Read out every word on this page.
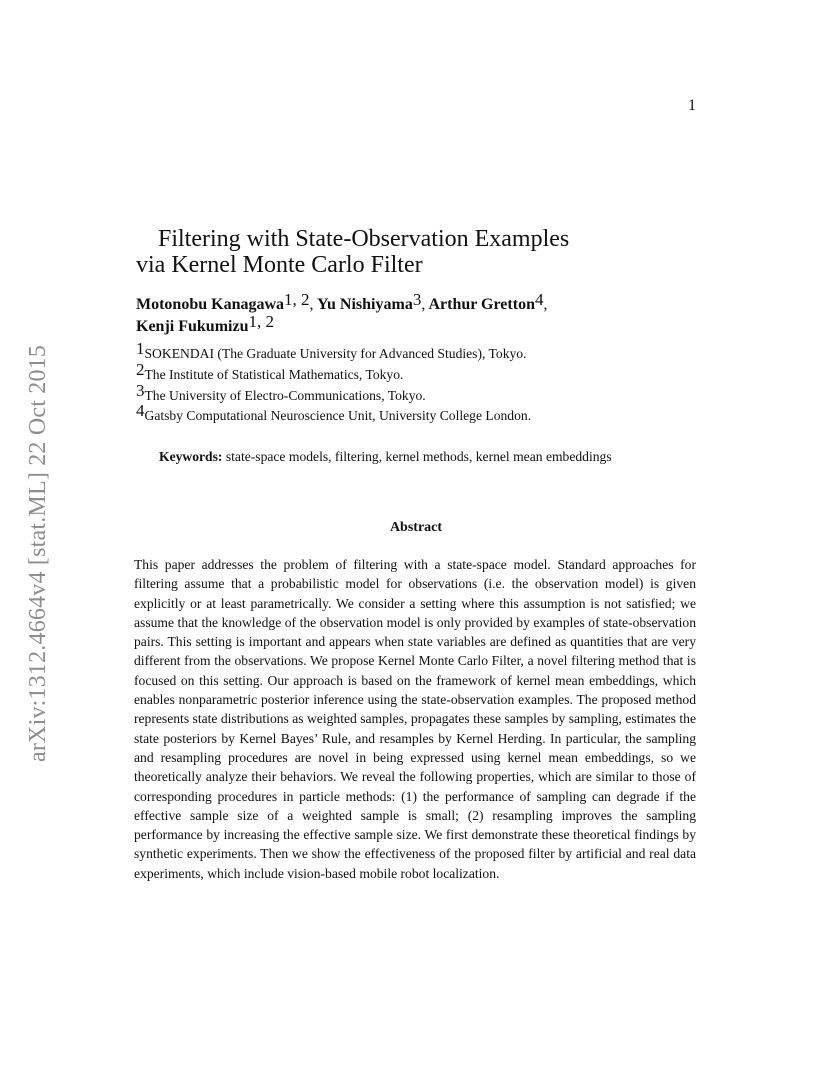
1
arXiv:1312.4664v4 [stat.ML] 22 Oct 2015
Filtering with State-Observation Examples
via Kernel Monte Carlo Filter
Motonobu Kanagawa$^{1, 2}$, Yu Nishiyama$^3$, Arthur Gretton$^4$,
Kenji Fukumizu$^{1, 2}$
$^1$SOKENDAI (The Graduate University for Advanced Studies), Tokyo.
$^2$The Institute of Statistical Mathematics, Tokyo.
$^3$The University of Electro-Communications, Tokyo.
$^4$Gatsby Computational Neuroscience Unit, University College London.
Keywords: state-space models, filtering, kernel methods, kernel mean embeddings
Abstract
This paper addresses the problem of filtering with a state-space model. Standard approaches for filtering assume that a probabilistic model for observations (i.e. the observation model) is given explicitly or at least parametrically. We consider a setting where this assumption is not satisfied; we assume that the knowledge of the observation model is only provided by examples of state-observation pairs. This setting is important and appears when state variables are defined as quantities that are very different from the observations. We propose Kernel Monte Carlo Filter, a novel filtering method that is focused on this setting. Our approach is based on the framework of kernel mean embeddings, which enables nonparametric posterior inference using the state-observation examples. The proposed method represents state distributions as weighted samples, propagates these samples by sampling, estimates the state posteriors by Kernel Bayes’ Rule, and resamples by Kernel Herding. In particular, the sampling and resampling procedures are novel in being expressed using kernel mean embeddings, so we theoretically analyze their behaviors. We reveal the following properties, which are similar to those of corresponding procedures in particle methods: (1) the performance of sampling can degrade if the effective sample size of a weighted sample is small; (2) resampling improves the sampling performance by increasing the effective sample size. We first demonstrate these theoretical findings by synthetic experiments. Then we show the effectiveness of the proposed filter by artificial and real data experiments, which include vision-based mobile robot localization.
